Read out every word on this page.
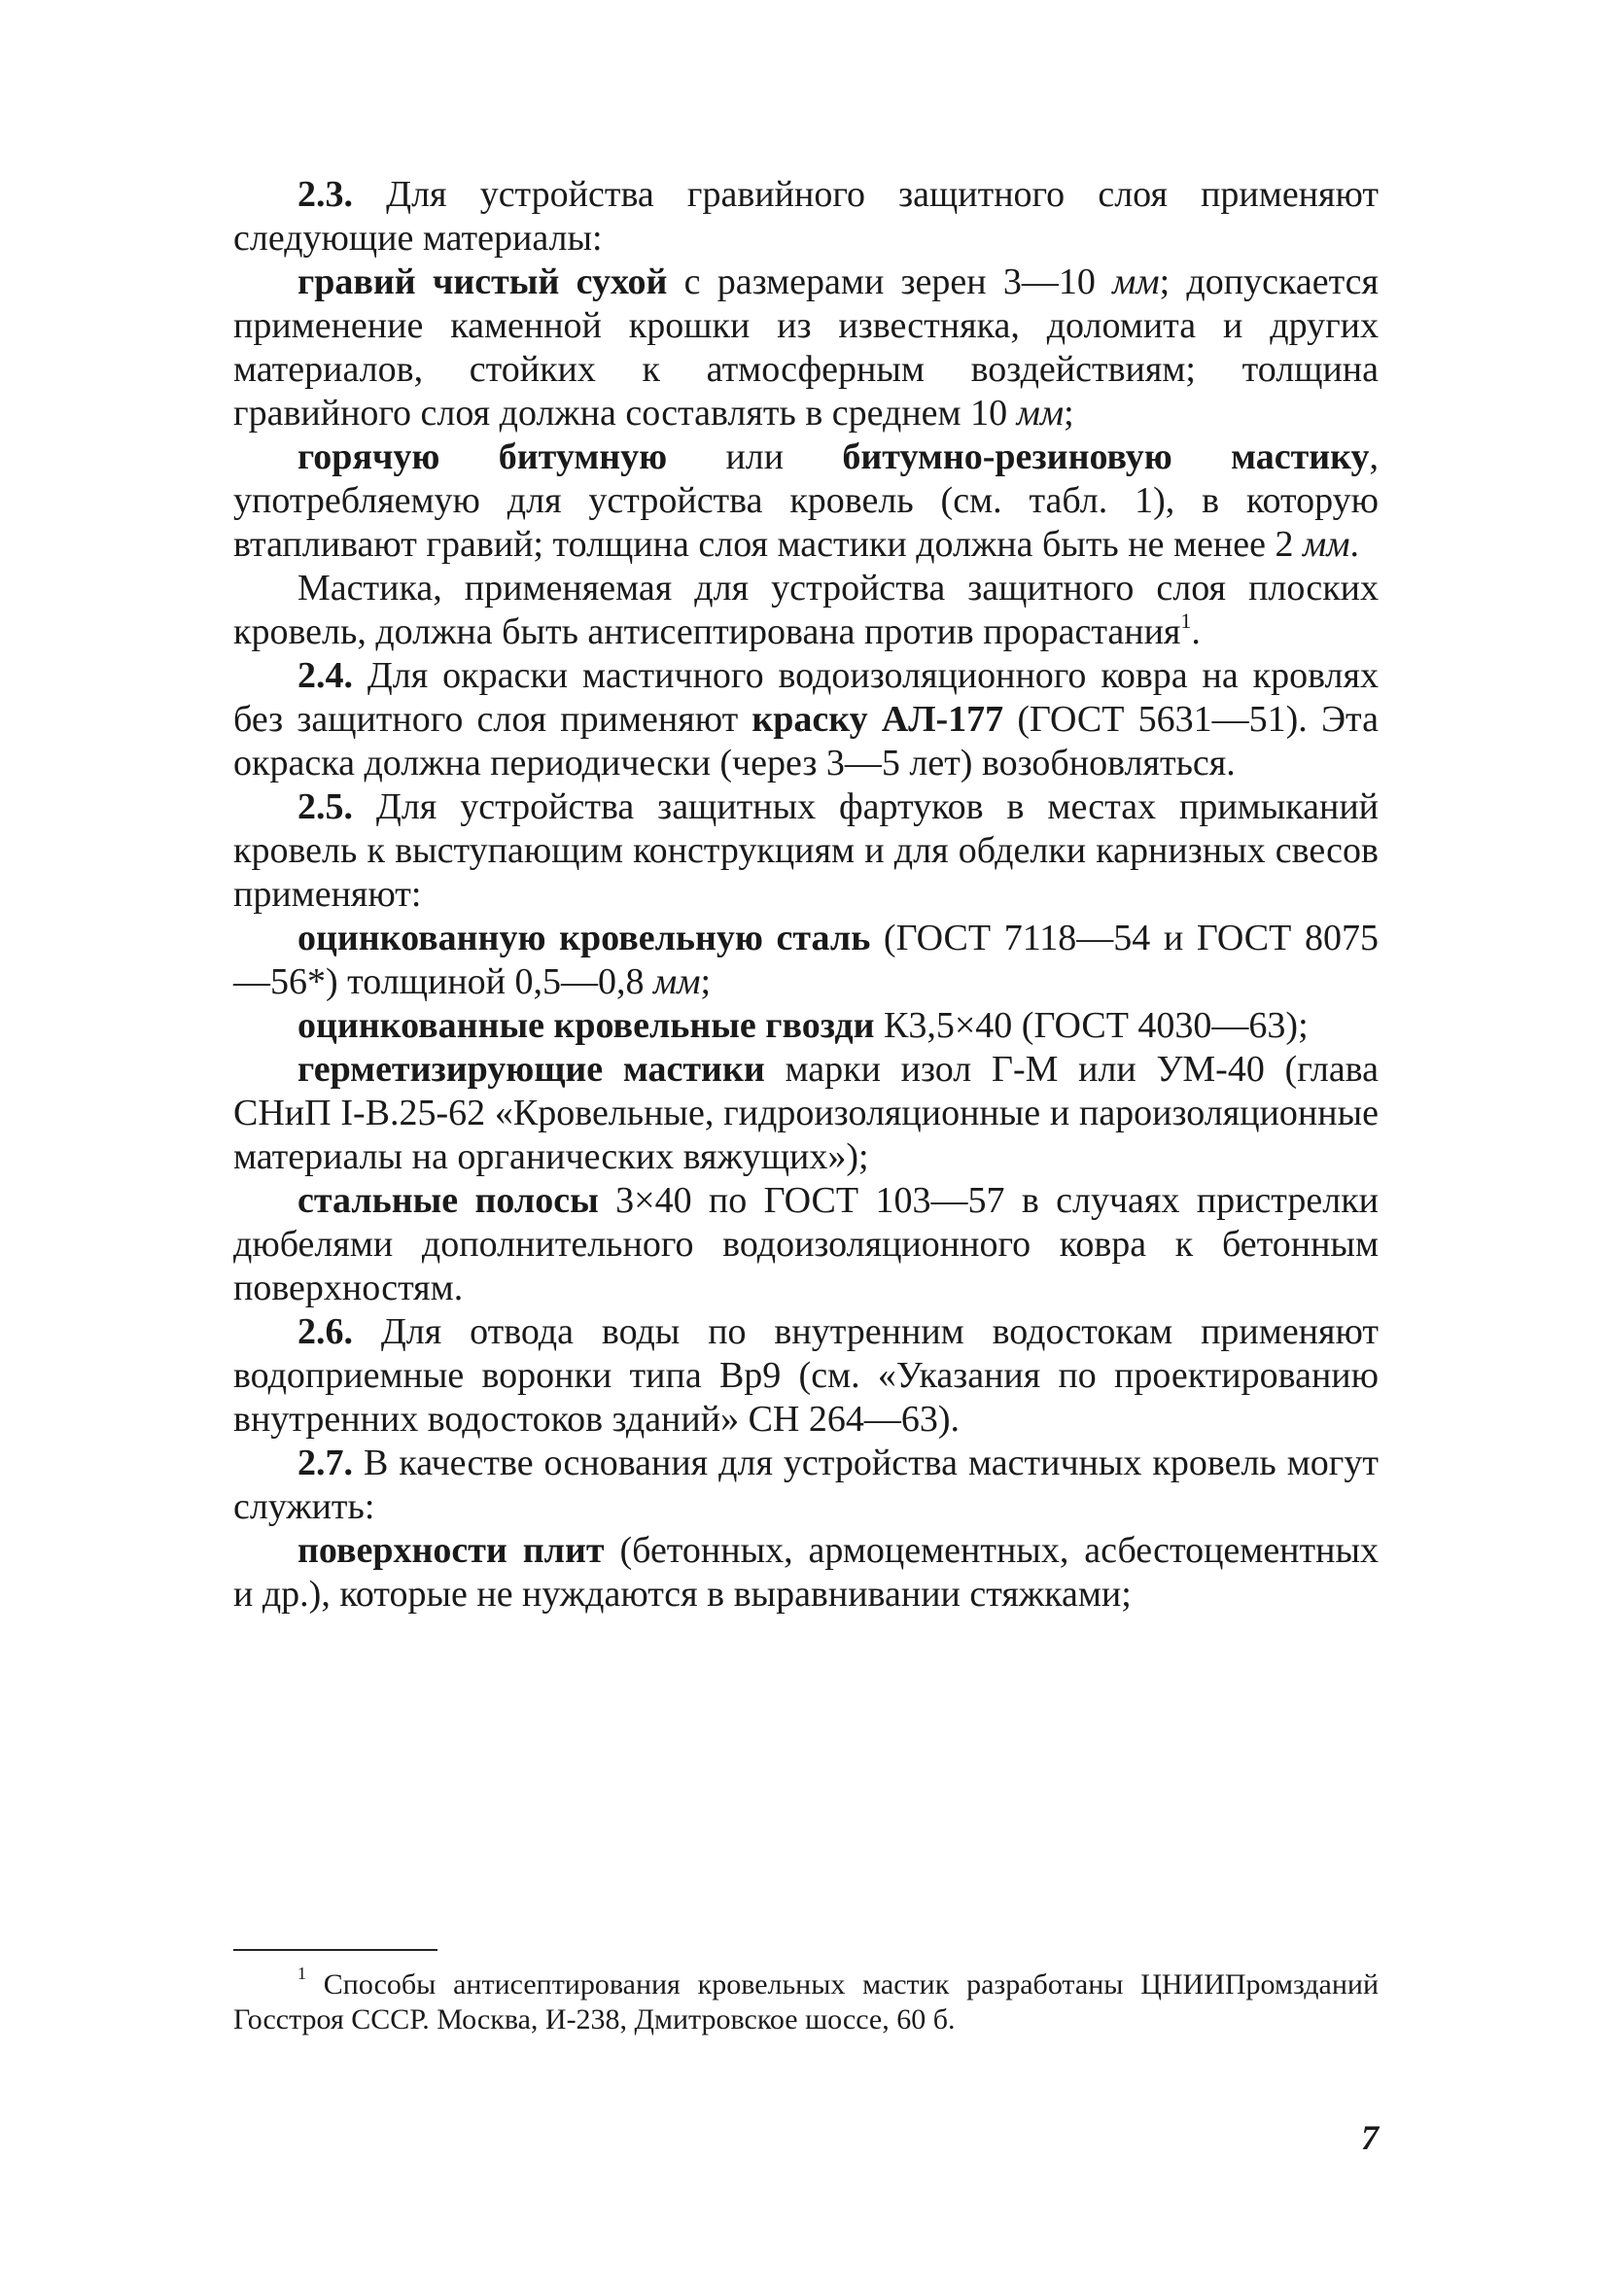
2.3. Для устройства гравийного защитного слоя применяют следующие материалы:

гравий чистый сухой с размерами зерен 3—10 мм; допускается применение каменной крошки из известняка, доломита и других материалов, стойких к атмосферным воздействиям; толщина гравийного слоя должна составлять в среднем 10 мм;

горячую битумную или битумно-резиновую мастику, употребляемую для устройства кровель (см. табл. 1), в которую втапливают гравий; толщина слоя мастики должна быть не менее 2 мм.

Мастика, применяемая для устройства защитного слоя плоских кровель, должна быть антисептирована против прорастания$^1$.

2.4. Для окраски мастичного водоизоляционного ковра на кровлях без защитного слоя применяют краску АЛ-177 (ГОСТ 5631—51). Эта окраска должна периодически (через 3—5 лет) возобновляться.

2.5. Для устройства защитных фартуков в местах примыканий кровель к выступающим конструкциям и для обделки карнизных свесов применяют:

оцинкованную кровельную сталь (ГОСТ 7118—54 и ГОСТ 8075—56*) толщиной 0,5—0,8 мм;

оцинкованные кровельные гвозди К3,5×40 (ГОСТ 4030—63);

герметизирующие мастики марки изол Г-М или УМ-40 (глава СНиП I-В.25-62 «Кровельные, гидроизоляционные и пароизоляционные материалы на органических вяжущих»);

стальные полосы 3×40 по ГОСТ 103—57 в случаях пристрелки дюбелями дополнительного водоизоляционного ковра к бетонным поверхностям.

2.6. Для отвода воды по внутренним водостокам применяют водоприемные воронки типа Вр9 (см. «Указания по проектированию внутренних водостоков зданий» СН 264—63).

2.7. В качестве основания для устройства мастичных кровель могут служить:

поверхности плит (бетонных, армоцементных, асбестоцементных и др.), которые не нуждаются в выравнивании стяжками;

$^1$ Способы антисептирования кровельных мастик разработаны ЦНИИПромзданий Госстроя СССР. Москва, И-238, Дмитровское шоссе, 60 б.

7
